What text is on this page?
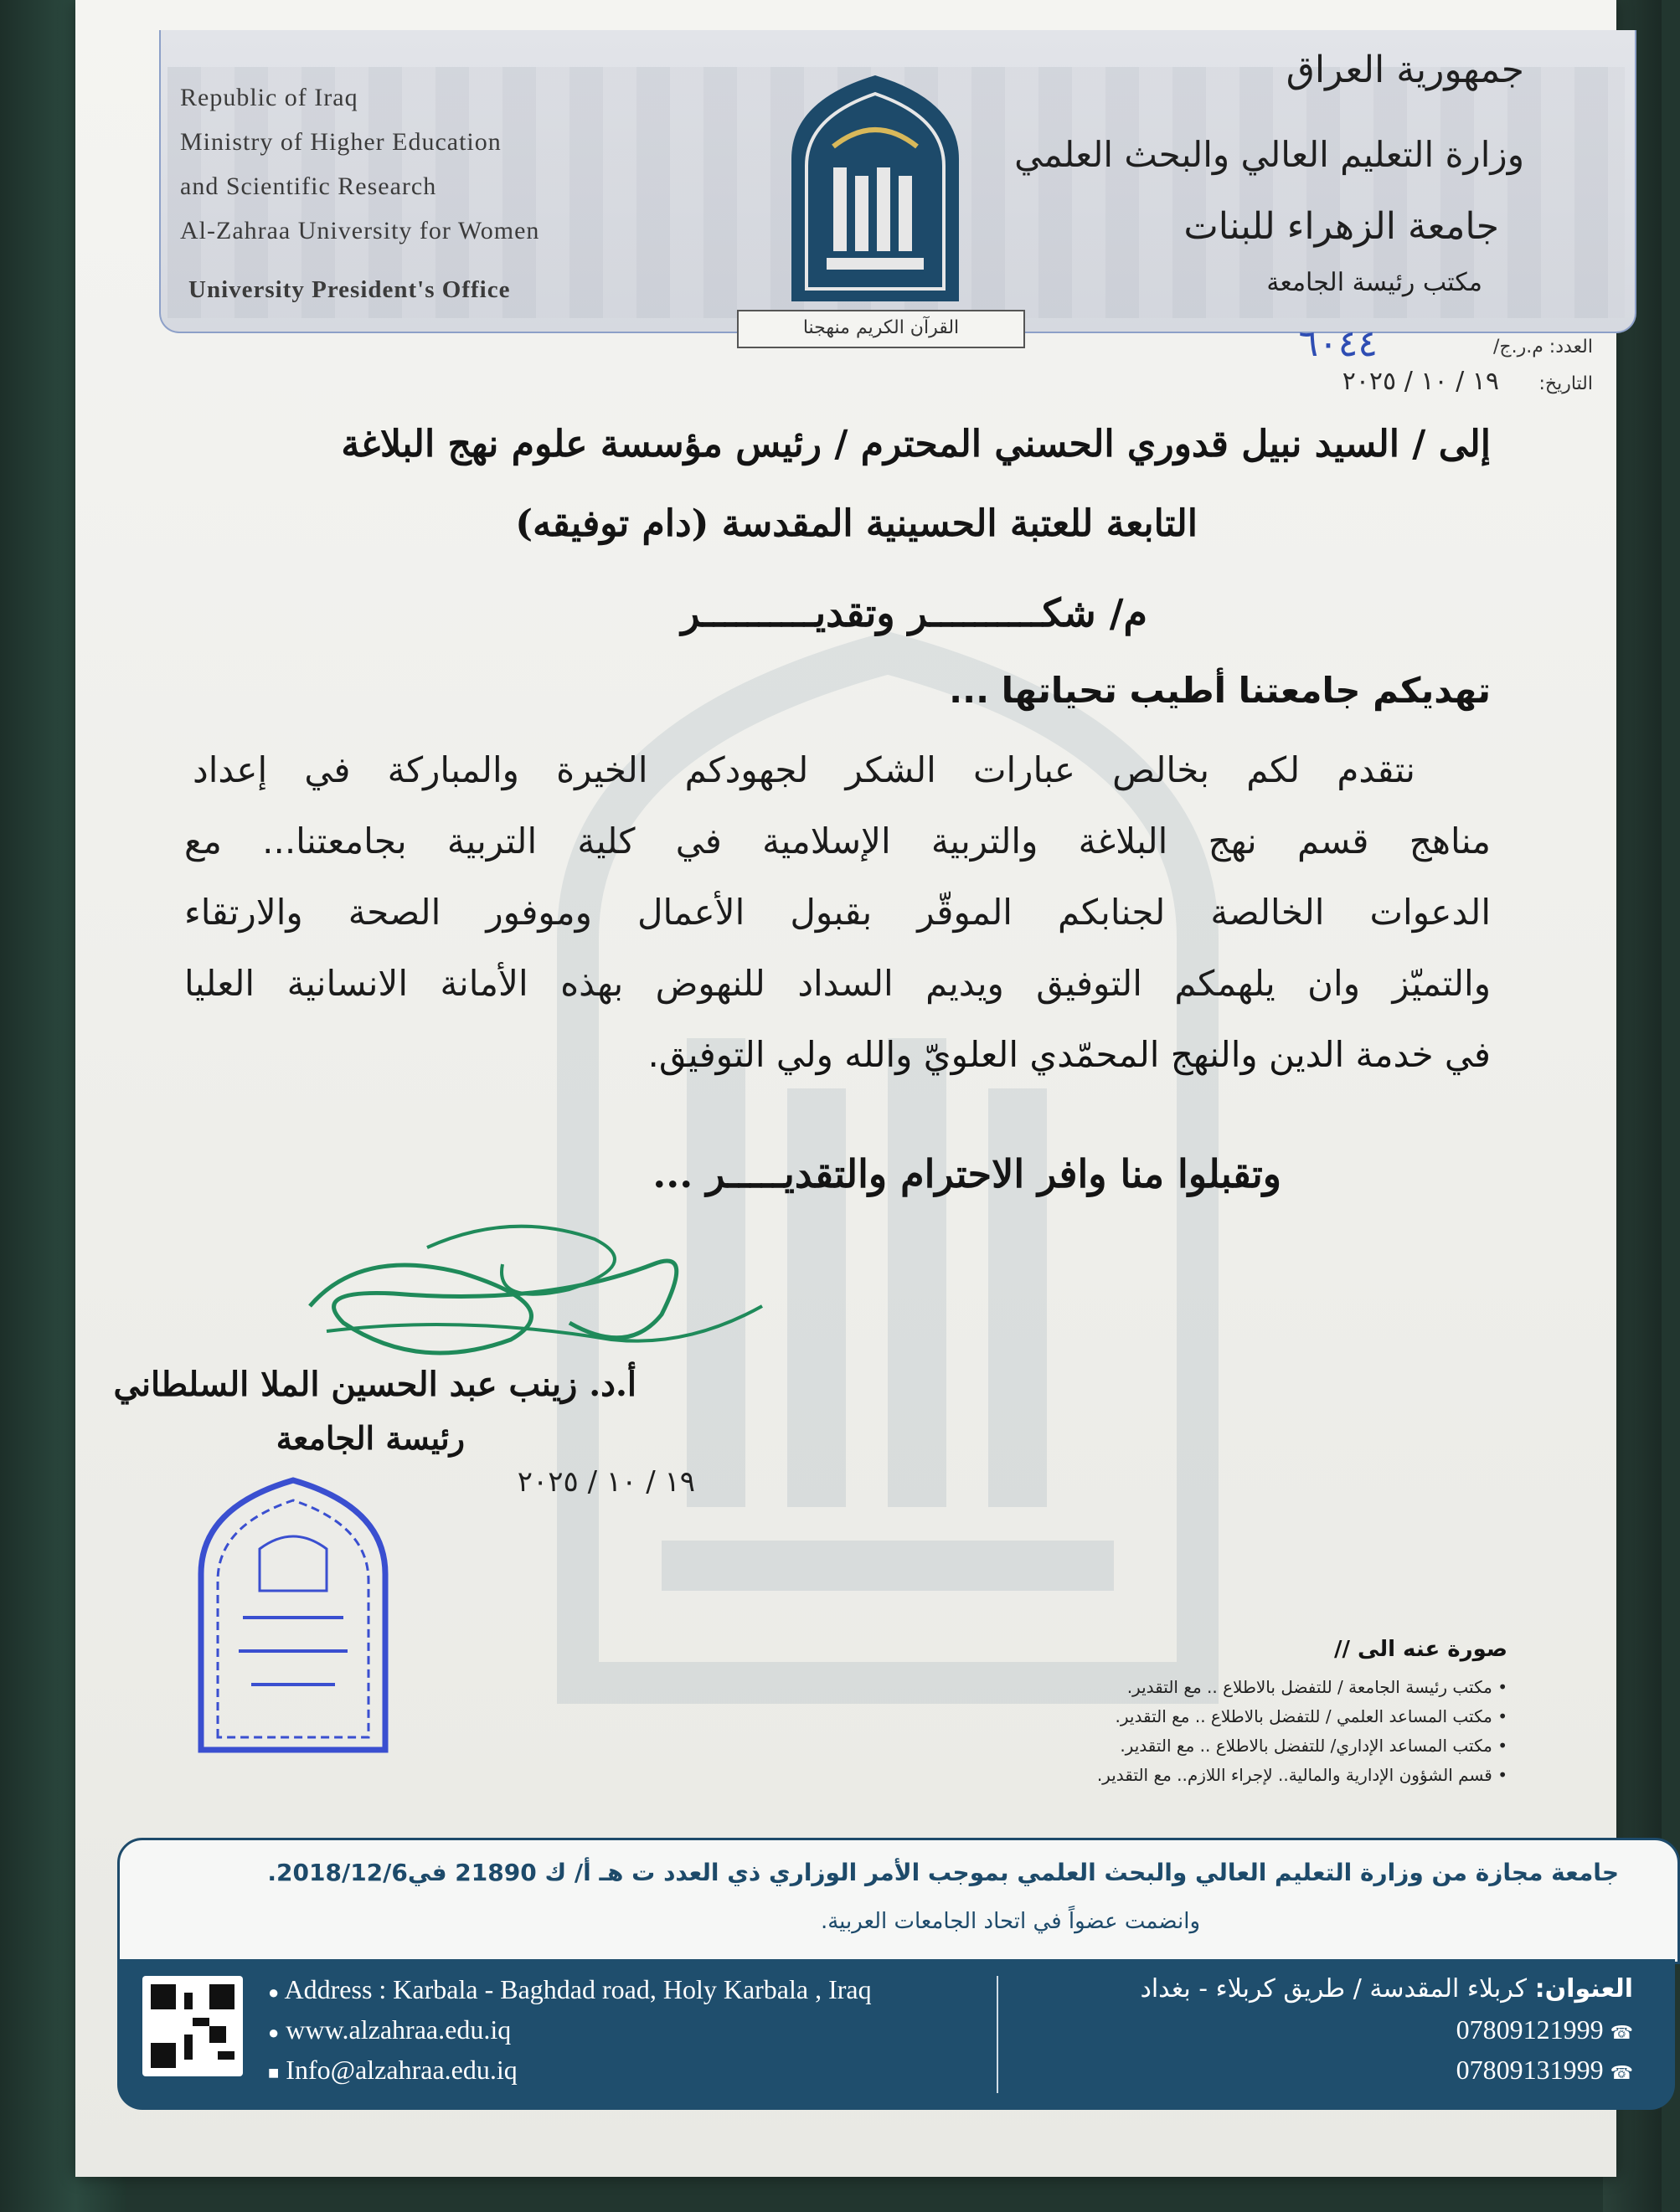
Republic of Iraq
Ministry of Higher Education
and Scientific Research
Al-Zahraa University for Women
University President's Office
جمهورية العراق
وزارة التعليم العالي والبحث العلمي
جامعة الزهراء للبنات
مكتب رئيسة الجامعة
القرآن الكريم منهجنا
العدد: م.ر.ج/
٦٠٤٤
التاريخ:
١٩ / ١٠ / ٢٠٢٥
إلى / السيد نبيل قدوري الحسني المحترم / رئيس مؤسسة علوم نهج البلاغة
التابعة للعتبة الحسينية المقدسة (دام توفيقه)
م/ شكــــــــــر وتقديــــــــــر
تهديكم جامعتنا أطيب تحياتها ...
نتقدم لكم بخالص عبارات الشكر لجهودكم الخيرة والمباركة في إعداد
مناهج قسم نهج البلاغة والتربية الإسلامية في كلية التربية بجامعتنا... مع
الدعوات الخالصة لجنابكم الموقّر بقبول الأعمال وموفور الصحة والارتقاء
والتميّز وان يلهمكم التوفيق ويديم السداد للنهوض بهذه الأمانة الانسانية العليا
في خدمة الدين والنهج المحمّدي العلويّ والله ولي التوفيق.
وتقبلوا منا وافر الاحترام والتقديـــــر ...
أ.د. زينب عبد الحسين الملا السلطاني
رئيسة الجامعة
١٩ / ١٠ / ٢٠٢٥
صورة عنه الى //
• مكتب رئيسة الجامعة / للتفضل بالاطلاع .. مع التقدير.
• مكتب المساعد العلمي / للتفضل بالاطلاع .. مع التقدير.
• مكتب المساعد الإداري/ للتفضل بالاطلاع .. مع التقدير.
• قسم الشؤون الإدارية والمالية.. لإجراء اللازم.. مع التقدير.
جامعة مجازة من وزارة التعليم العالي والبحث العلمي بموجب الأمر الوزاري ذي العدد ت هـ أ/ ك 21890 في2018/12/6.
وانضمت عضواً في اتحاد الجامعات العربية.
● Address : Karbala - Baghdad road, Holy Karbala , Iraq
● www.alzahraa.edu.iq
■ Info@alzahraa.edu.iq
العنوان: كربلاء المقدسة / طريق كربلاء - بغداد
07809121999 ☎
07809131999 ☎
